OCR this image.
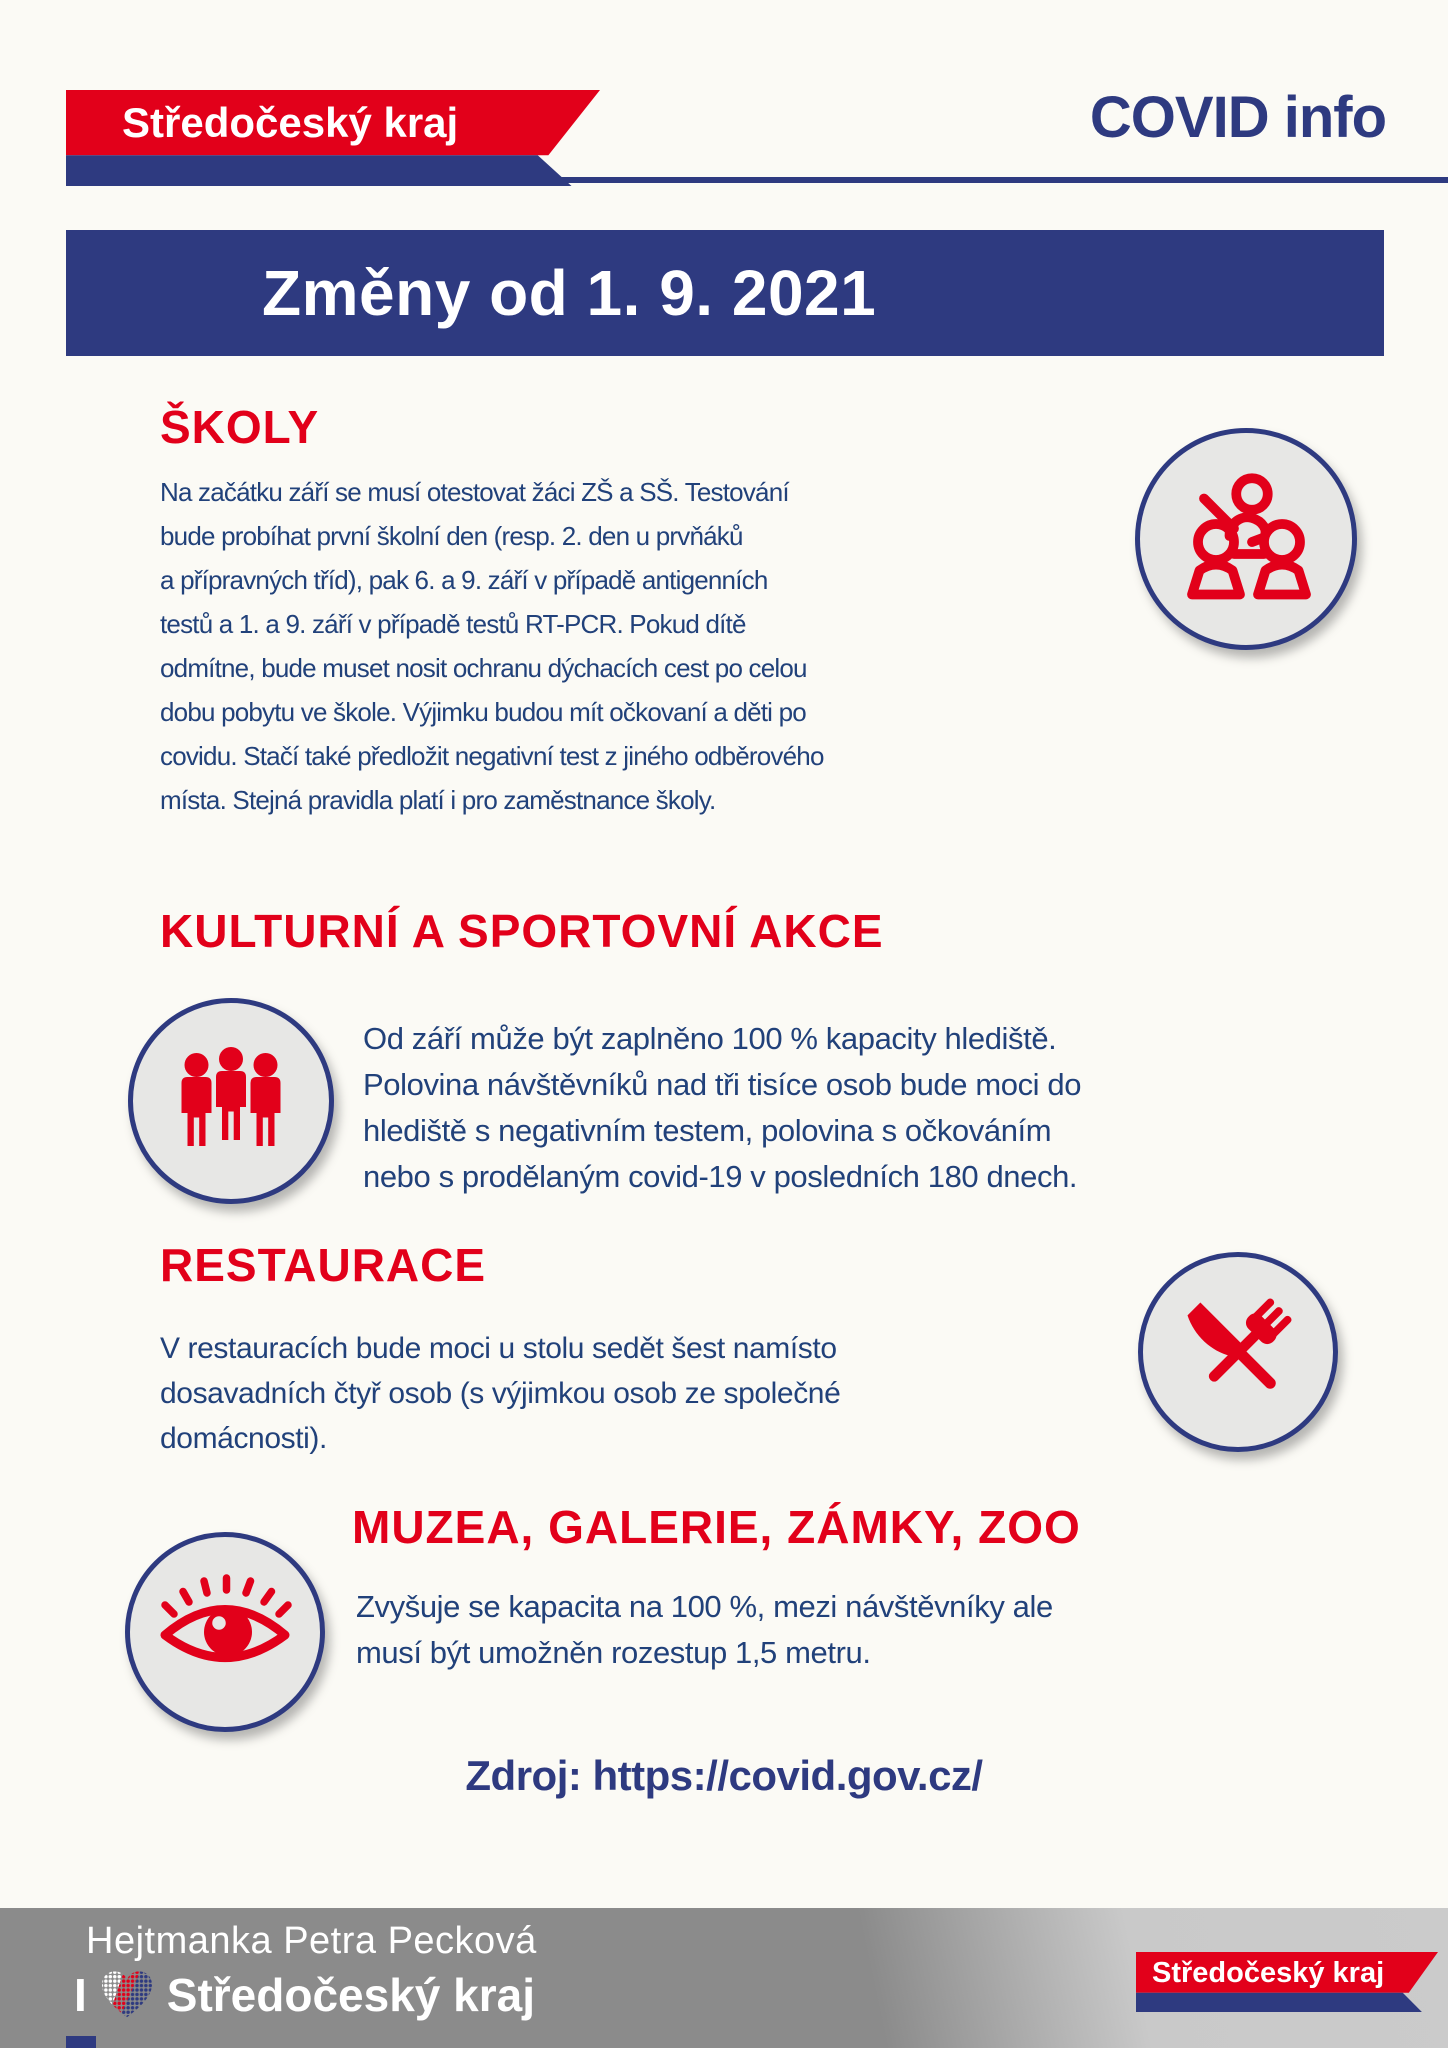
Středočeský kraj	COVID info
Změny od 1. 9. 2021
ŠKOLY
Na začátku září se musí otestovat žáci ZŠ a SŠ. Testování
bude probíhat první školní den (resp. 2. den u prvňáků
a přípravných tříd), pak 6. a 9. září v případě antigenních
testů a 1. a 9. září v případě testů RT-PCR. Pokud dítě
odmítne, bude muset nosit ochranu dýchacích cest po celou
dobu pobytu ve škole. Výjimku budou mít očkovaní a děti po
covidu. Stačí také předložit negativní test z jiného odběrového
místa. Stejná pravidla platí i pro zaměstnance školy.
KULTURNÍ A SPORTOVNÍ AKCE
Od září může být zaplněno 100 % kapacity hlediště.
Polovina návštěvníků nad tři tisíce osob bude moci do
hlediště s negativním testem, polovina s očkováním
nebo s prodělaným covid-19 v posledních 180 dnech.
RESTAURACE
V restauracích bude moci u stolu sedět šest namísto
dosavadních čtyř osob (s výjimkou osob ze společné
domácnosti).
MUZEA, GALERIE, ZÁMKY, ZOO
Zvyšuje se kapacita na 100 %, mezi návštěvníky ale
musí být umožněn rozestup 1,5 metru.
Zdroj: https://covid.gov.cz/
Hejtmanka Petra Pecková
I Středočeský kraj	Středočeský kraj
